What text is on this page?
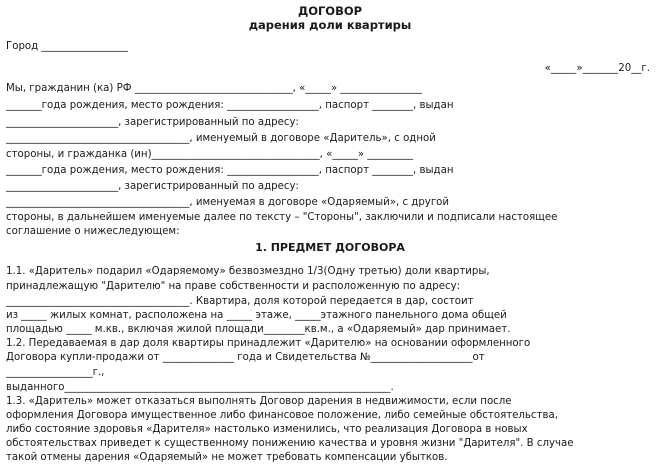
ДОГОВОР
дарения доли квартиры
Город _________________
«_____»_______20__г.
Мы, гражданин (ка) РФ _______________________________, «_____» ________________
_______года рождения, место рождения: __________________, паспорт ________, выдан
______________________, зарегистрированный по адресу:
____________________________________, именуемый в договоре «Даритель», с одной
стороны, и гражданка (ин)_________________________________, «_____» _________
_______года рождения, место рождения: __________________, паспорт ________, выдан
______________________, зарегистрированный по адресу:
____________________________________, именуемая в договоре «Одаряемый», с другой
стороны, в дальнейшем именуемые далее по тексту – "Стороны", заключили и подписали настоящее
соглашение о нижеследующем:
1. ПРЕДМЕТ ДОГОВОРА
1.1. «Даритель» подарил «Одаряемому» безвозмездно 1/3(Одну третью) доли квартиры,
принадлежащую "Дарителю" на праве собственности и расположенную по адресу:
____________________________________. Квартира, доля которой передается в дар, состоит
из _____ жилых комнат, расположена на _____ этаже, _____этажного панельного дома общей
площадью _____ м.кв., включая жилой площади________кв.м., а «Одаряемый» дар принимает.
1.2. Передаваемая в дар доля квартиры принадлежит «Дарителю» на основании оформленного
Договора купли-продажи от ______________ года и Свидетельства №____________________от
_________________г.,
выданного________________________________________________________________.
1.3. «Даритель» может отказаться выполнять Договор дарения в недвижимости, если после
оформления Договора имущественное либо финансовое положение, либо семейные обстоятельства,
либо состояние здоровья «Дарителя» настолько изменились, что реализация Договора в новых
обстоятельствах приведет к существенному понижению качества и уровня жизни "Дарителя". В случае
такой отмены дарения «Одаряемый» не может требовать компенсации убытков.
